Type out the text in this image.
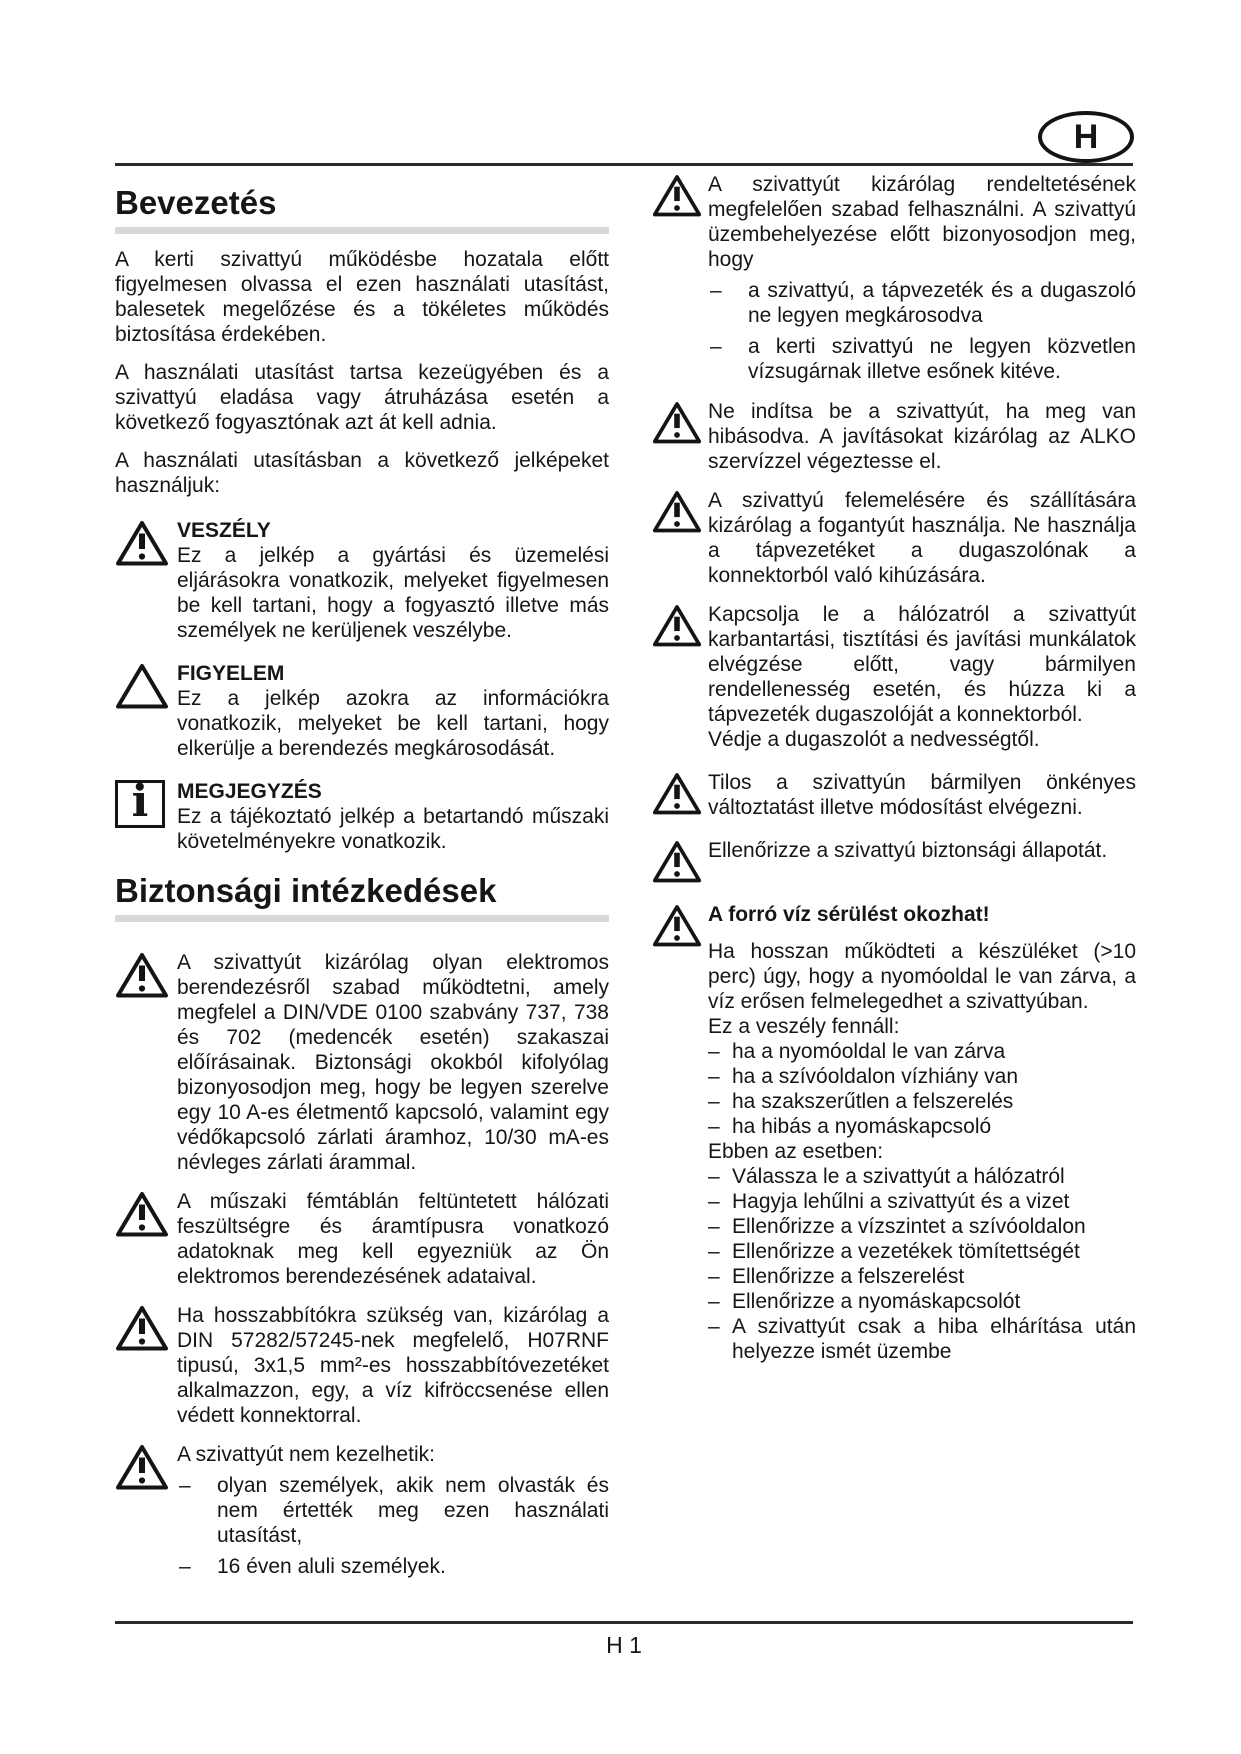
H
Bevezetés

A kerti szivattyú működésbe hozatala előtt figyelmesen olvassa el ezen használati utasítást, balesetek megelőzése és a tökéletes működés biztosítása érdekében.

A használati utasítást tartsa kezeügyében és a szivattyú eladása vagy átruházása esetén a következő fogyasztónak azt át kell adnia.

A használati utasításban a következő jelképeket használjuk:

VESZÉLY

Ez a jelkép a gyártási és üzemelési eljárásokra vonatkozik, melyeket figyelmesen be kell tartani, hogy a fogyasztó illetve más személyek ne kerüljenek veszélybe.

FIGYELEM

Ez a jelkép azokra az információkra vonatkozik, melyeket be kell tartani, hogy elkerülje a berendezés megkárosodását.

i MEGJEGYZÉS

Ez a tájékoztató jelkép a betartandó műszaki követelményekre vonatkozik.

Biztonsági intézkedések

A szivattyút kizárólag olyan elektromos berendezésről szabad működtetni, amely megfelel a DIN/VDE 0100 szabvány 737, 738 és 702 (medencék esetén) szakaszai előírásainak. Biztonsági okokból kifolyólag bizonyosodjon meg, hogy be legyen szerelve egy 10 A-es életmentő kapcsoló, valamint egy védőkapcsoló zárlati áramhoz, 10/30 mA-es névleges zárlati árammal.

A műszaki fémtáblán feltüntetett hálózati feszültségre és áramtípusra vonatkozó adatoknak meg kell egyezniük az Ön elektromos berendezésének adataival.

Ha hosszabbítókra szükség van, kizárólag a DIN 57282/57245-nek megfelelő, H07RNF tipusú, 3x1,5 mm²-es hosszabbítóvezetéket alkalmazzon, egy, a víz kifröccsenése ellen védett konnektorral.

A szivattyút nem kezelhetik:

–	olyan személyek, akik nem olvasták és nem értették meg ezen használati utasítást,
–	16 éven aluli személyek.

A szivattyút kizárólag rendeltetésének megfelelően szabad felhasználni. A szivattyú üzembehelyezése előtt bizonyosodjon meg, hogy

–	a szivattyú, a tápvezeték és a dugaszoló ne legyen megkárosodva
–	a kerti szivattyú ne legyen közvetlen vízsugárnak illetve esőnek kitéve.

Ne indítsa be a szivattyút, ha meg van hibásodva. A javításokat kizárólag az ALKO szervízzel végeztesse el.

A szivattyú felemelésére és szállítására kizárólag a fogantyút használja. Ne használja a tápvezetéket a dugaszolónak a konnektorból való kihúzására.

Kapcsolja le a hálózatról a szivattyút karbantartási, tisztítási és javítási munkálatok elvégzése előtt, vagy bármilyen rendellenesség esetén, és húzza ki a tápvezeték dugaszolóját a konnektorból.

Védje a dugaszolót a nedvességtől.

Tilos a szivattyún bármilyen önkényes változtatást illetve módosítást elvégezni.

Ellenőrizze a szivattyú biztonsági állapotát.

A forró víz sérülést okozhat!

Ha hosszan működteti a készüléket (>10 perc) úgy, hogy a nyomóoldal le van zárva, a víz erősen felmelegedhet a szivattyúban.

Ez a veszély fennáll:

– ha a nyomóoldal le van zárva
– ha a szívóoldalon vízhiány van
– ha szakszerűtlen a felszerelés
– ha hibás a nyomáskapcsoló

Ebben az esetben:

– Válassza le a szivattyút a hálózatról
– Hagyja lehűlni a szivattyút és a vizet
– Ellenőrizze a vízszintet a szívóoldalon
– Ellenőrizze a vezetékek tömítettségét
– Ellenőrizze a felszerelést
– Ellenőrizze a nyomáskapcsolót
– A szivattyút csak a hiba elhárítása után helyezze ismét üzembe
H 1
